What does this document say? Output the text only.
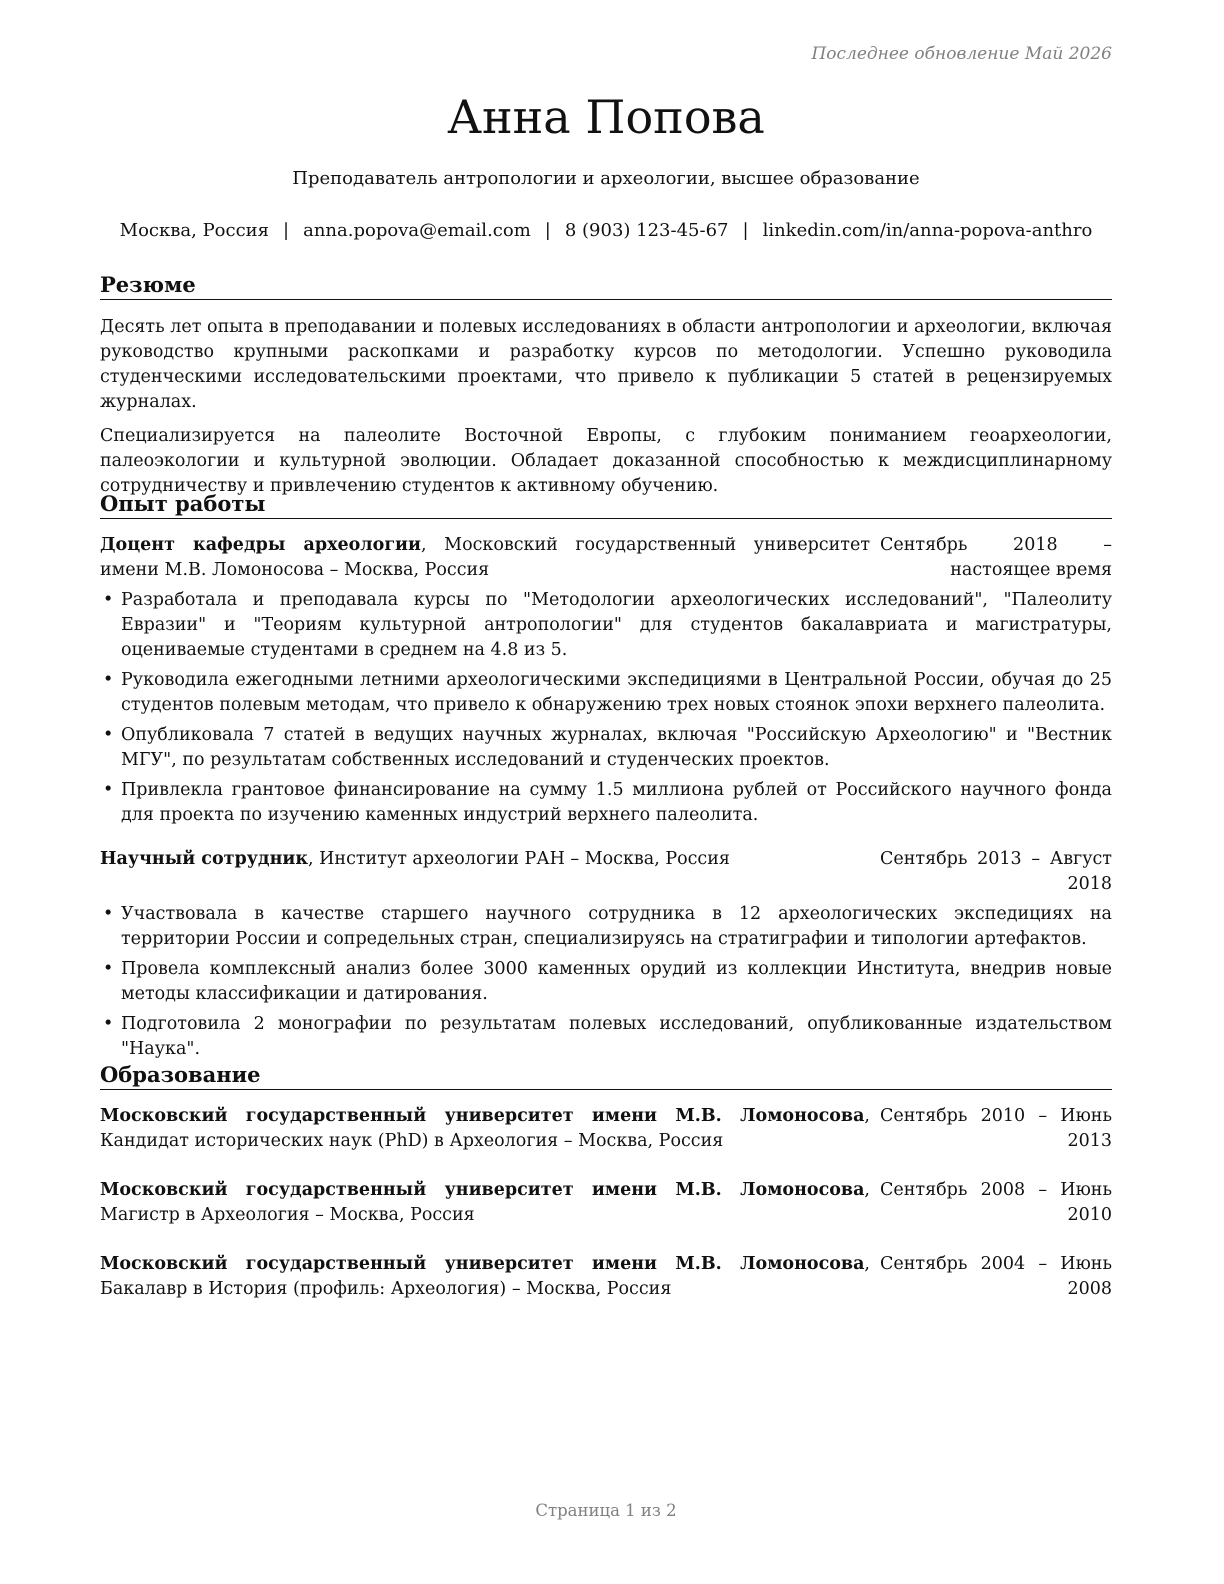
Последнее обновление Май 2026
Анна Попова
Преподаватель антропологии и археологии, высшее образование
Москва, Россия | anna.popova@email.com | 8 (903) 123-45-67 | linkedin.com/in/anna-popova-anthro
Резюме

Десять лет опыта в преподавании и полевых исследованиях в области антропологии и археологии, включая руководство крупными раскопками и разработку курсов по методологии. Успешно руководила студенческими исследовательскими проектами, что привело к публикации 5 статей в рецензируемых журналах.

Специализируется на палеолите Восточной Европы, с глубоким пониманием геоархеологии, палеоэкологии и культурной эволюции. Обладает доказанной способностью к междисциплинарному сотрудничеству и привлечению студентов к активному обучению.

Опыт работы
Доцент кафедры археологии, Московский государственный университет имени М.В. Ломоносова – Москва, Россия
Сентябрь 2018 – настоящее время
• Разработала и преподавала курсы по "Методологии археологических исследований", "Палеолиту Евразии" и "Теориям культурной антропологии" для студентов бакалавриата и магистратуры, оцениваемые студентами в среднем на 4.8 из 5.
• Руководила ежегодными летними археологическими экспедициями в Центральной России, обучая до 25 студентов полевым методам, что привело к обнаружению трех новых стоянок эпохи верхнего палеолита.
• Опубликовала 7 статей в ведущих научных журналах, включая "Российскую Археологию" и "Вестник МГУ", по результатам собственных исследований и студенческих проектов.
• Привлекла грантовое финансирование на сумму 1.5 миллиона рублей от Российского научного фонда для проекта по изучению каменных индустрий верхнего палеолита.
Научный сотрудник, Институт археологии РАН – Москва, Россия	Сентябрь 2013 – Август 2018
• Участвовала в качестве старшего научного сотрудника в 12 археологических экспедициях на территории России и сопредельных стран, специализируясь на стратиграфии и типологии артефактов.
• Провела комплексный анализ более 3000 каменных орудий из коллекции Института, внедрив новые методы классификации и датирования.
• Подготовила 2 монографии по результатам полевых исследований, опубликованные издательством "Наука".
Образование
Московский государственный университет имени М.В. Ломоносова, Кандидат исторических наук (PhD) в Археология – Москва, Россия
Сентябрь 2010 – Июнь 2013
Московский государственный университет имени М.В. Ломоносова, Магистр в Археология – Москва, Россия
Сентябрь 2008 – Июнь 2010
Московский государственный университет имени М.В. Ломоносова, Бакалавр в История (профиль: Археология) – Москва, Россия
Сентябрь 2004 – Июнь 2008
Страница 1 из 2
